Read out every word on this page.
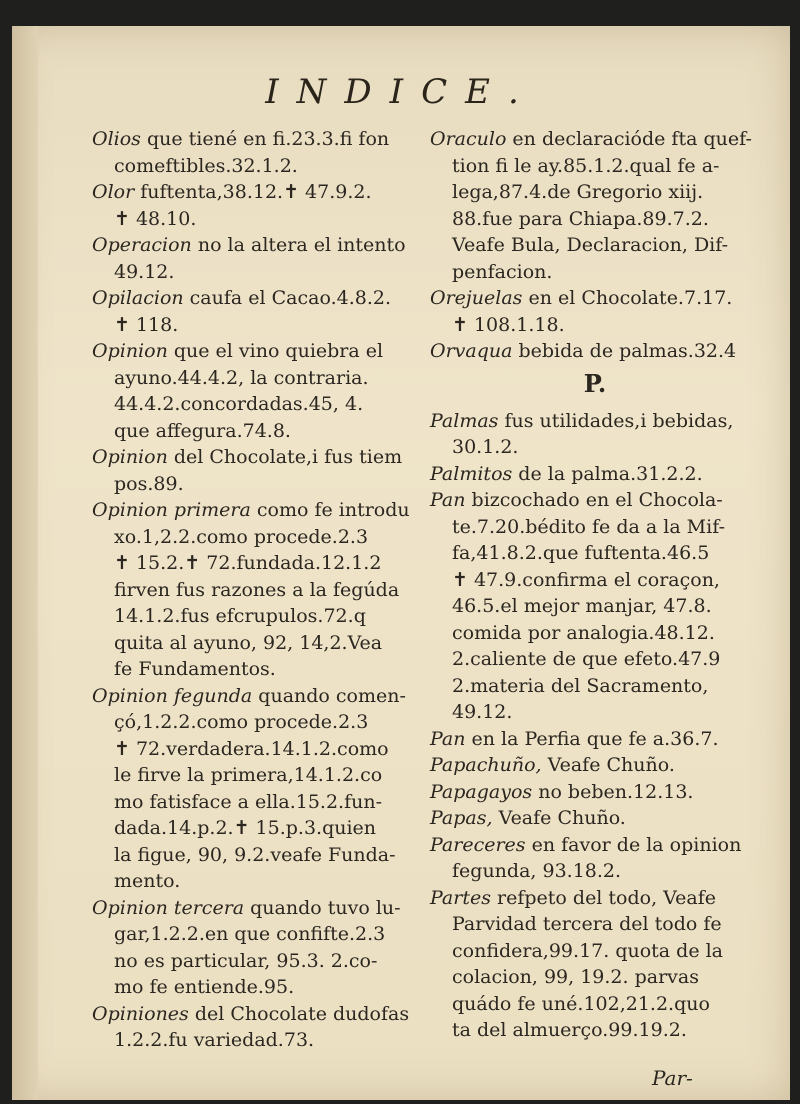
INDICE.

Olios que tiené en fi.23.3.fi fon
comeftibles.32.1.2.

Olor fuftenta,38.12.✝ 47.9.2.
✝ 48.10.

Operacion no la altera el intento
49.12.

Opilacion caufa el Cacao.4.8.2.
✝ 118.

Opinion que el vino quiebra el
ayuno.44.4.2, la contraria.
44.4.2.concordadas.45, 4.
que affegura.74.8.

Opinion del Chocolate,i fus tiem
pos.89.

Opinion primera como fe introdu
xo.1,2.2.como procede.2.3
✝ 15.2.✝ 72.fundada.12.1.2
firven fus razones a la fegúda
14.1.2.fus efcrupulos.72.q
quita al ayuno, 92, 14,2.Vea
fe Fundamentos.

Opinion fegunda quando comen-
çó,1.2.2.como procede.2.3
✝ 72.verdadera.14.1.2.como
le firve la primera,14.1.2.co
mo fatisface a ella.15.2.fun-
dada.14.p.2.✝ 15.p.3.quien
la figue, 90, 9.2.veafe Funda-
mento.

Opinion tercera quando tuvo lu-
gar,1.2.2.en que confifte.2.3
no es particular, 95.3. 2.co-
mo fe entiende.95.

Opiniones del Chocolate dudofas
1.2.2.fu variedad.73.

Oraculo en declaracióde fta quef-
tion fi le ay.85.1.2.qual fe a-
lega,87.4.de Gregorio xiij.
88.fue para Chiapa.89.7.2.
Veafe Bula, Declaracion, Dif-
penfacion.

Orejuelas en el Chocolate.7.17.
✝ 108.1.18.

Orvaqua bebida de palmas.32.4

P.

Palmas fus utilidades,i bebidas,
30.1.2.

Palmitos de la palma.31.2.2.

Pan bizcochado en el Chocola-
te.7.20.bédito fe da a la Mif-
fa,41.8.2.que fuftenta.46.5
✝ 47.9.confirma el coraçon,
46.5.el mejor manjar, 47.8.
comida por analogia.48.12.
2.caliente de que efeto.47.9
2.materia del Sacramento,
49.12.

Pan en la Perfia que fe a.36.7.

Papachuño, Veafe Chuño.

Papagayos no beben.12.13.

Papas, Veafe Chuño.

Pareceres en favor de la opinion
fegunda, 93.18.2.

Partes refpeto del todo, Veafe
Parvidad tercera del todo fe
confidera,99.17. quota de la
colacion, 99, 19.2. parvas
quádo fe uné.102,21.2.quo
ta del almuerço.99.19.2.

Par-
